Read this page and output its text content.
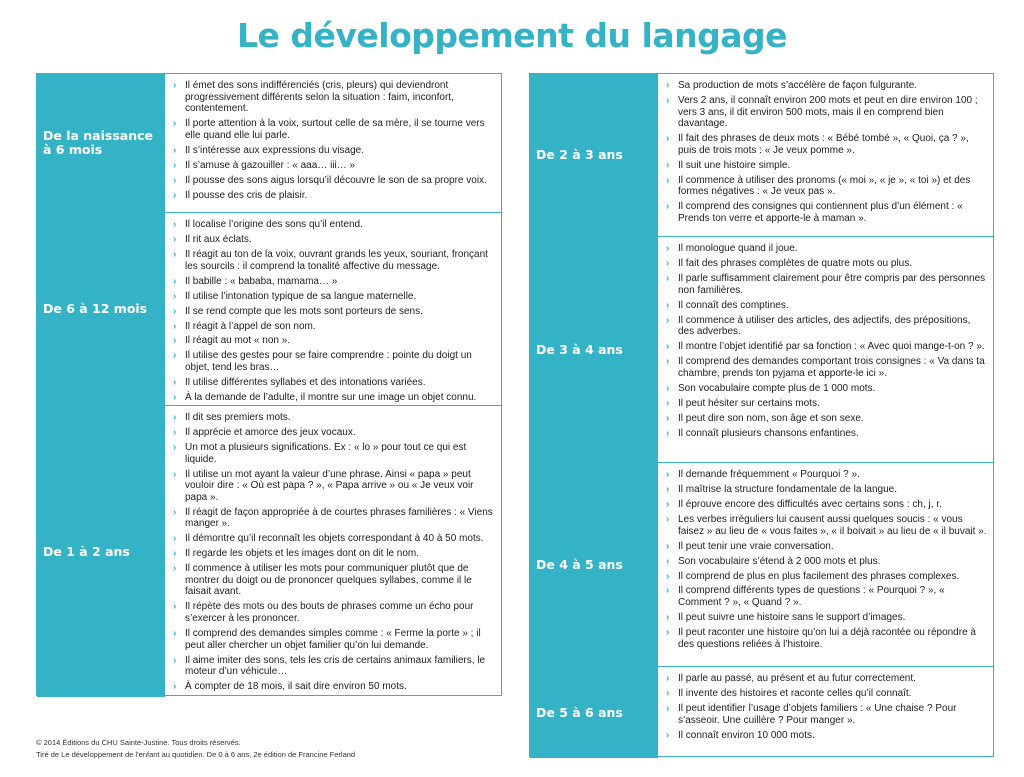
Le développement du langage
De la naissance à 6 mois
› Il émet des sons indifférenciés (cris, pleurs) qui deviendront progressivement différents selon la situation : faim, inconfort, contentement.
› Il porte attention à la voix, surtout celle de sa mère, il se tourne vers elle quand elle lui parle.
› Il s’intéresse aux expressions du visage.
› Il s’amuse à gazouiller : « aaa… iii… »
› Il pousse des sons aigus lorsqu’il découvre le son de sa propre voix.
› Il pousse des cris de plaisir.
De 6 à 12 mois
› Il localise l’origine des sons qu’il entend.
› Il rit aux éclats.
› Il réagit au ton de la voix, ouvrant grands les yeux, souriant, fronçant les sourcils : il comprend la tonalité affective du message.
› Il babille : « bababa, mamama… »
› Il utilise l’intonation typique de sa langue maternelle.
› Il se rend compte que les mots sont porteurs de sens.
› Il réagit à l’appel de son nom.
› Il réagit au mot « non ».
› Il utilise des gestes pour se faire comprendre : pointe du doigt un objet, tend les bras…
› Il utilise différentes syllabes et des intonations variées.
› À la demande de l’adulte, il montre sur une image un objet connu.
De 1 à 2 ans
› Il dit ses premiers mots.
› Il apprécie et amorce des jeux vocaux.
› Un mot a plusieurs significations. Ex : « lo » pour tout ce qui est liquide.
› Il utilise un mot ayant la valeur d’une phrase. Ainsi « papa » peut vouloir dire : « Où est papa ? », « Papa arrive » ou « Je veux voir papa ».
› Il réagit de façon appropriée à de courtes phrases familières : « Viens manger ».
› Il démontre qu’il reconnaît les objets correspondant à 40 à 50 mots.
› Il regarde les objets et les images dont on dit le nom.
› Il commence à utiliser les mots pour communiquer plutôt que de montrer du doigt ou de prononcer quelques syllabes, comme il le faisait avant.
› Il répète des mots ou des bouts de phrases comme un écho pour s’exercer à les prononcer.
› Il comprend des demandes simples comme : « Ferme la porte » ; il peut aller chercher un objet familier qu’on lui demande.
› Il aime imiter des sons, tels les cris de certains animaux familiers, le moteur d’un véhicule…
› À compter de 18 mois, il sait dire environ 50 mots.
De 2 à 3 ans
› Sa production de mots s’accélère de façon fulgurante.
› Vers 2 ans, il connaît environ 200 mots et peut en dire environ 100 ; vers 3 ans, il dit environ 500 mots, mais il en comprend bien davantage.
› Il fait des phrases de deux mots : « Bébé tombé », « Quoi, ça ? », puis de trois mots : « Je veux pomme ».
› Il suit une histoire simple.
› Il commence à utiliser des pronoms (« moi », « je », « toi ») et des formes négatives : « Je veux pas ».
› Il comprend des consignes qui contiennent plus d’un élément : « Prends ton verre et apporte-le à maman ».
De 3 à 4 ans
› Il monologue quand il joue.
› Il fait des phrases complètes de quatre mots ou plus.
› Il parle suffisamment clairement pour être compris par des personnes non familières.
› Il connaît des comptines.
› Il commence à utiliser des articles, des adjectifs, des prépositions, des adverbes.
› Il montre l’objet identifié par sa fonction : « Avec quoi mange-t-on ? ».
› Il comprend des demandes comportant trois consignes : « Va dans ta chambre, prends ton pyjama et apporte-le ici ».
› Son vocabulaire compte plus de 1 000 mots.
› Il peut hésiter sur certains mots.
› Il peut dire son nom, son âge et son sexe.
› Il connaît plusieurs chansons enfantines.
De 4 à 5 ans
› Il demande fréquemment « Pourquoi ? ».
› Il maîtrise la structure fondamentale de la langue.
› Il éprouve encore des difficultés avec certains sons : ch, j, r.
› Les verbes irréguliers lui causent aussi quelques soucis : « vous faisez » au lieu de « vous faites », « il boivait » au lieu de « il buvait ».
› Il peut tenir une vraie conversation.
› Son vocabulaire s’étend à 2 000 mots et plus.
› Il comprend de plus en plus facilement des phrases complexes.
› Il comprend différents types de questions : « Pourquoi ? », « Comment ? », « Quand ? ».
› Il peut suivre une histoire sans le support d’images.
› Il peut raconter une histoire qu’on lui a déjà racontée ou répondre à des questions reliées à l’histoire.
De 5 à 6 ans
› Il parle au passé, au présent et au futur correctement.
› Il invente des histoires et raconte celles qu’il connaît.
› Il peut identifier l’usage d’objets familiers : « Une chaise ? Pour s’asseoir. Une cuillère ? Pour manger ».
› Il connaît environ 10 000 mots.
© 2014 Éditions du CHU Sainte-Justine. Tous droits réservés.
Tiré de Le développement de l’enfant au quotidien. De 0 à 6 ans, 2e édition de Francine Ferland
